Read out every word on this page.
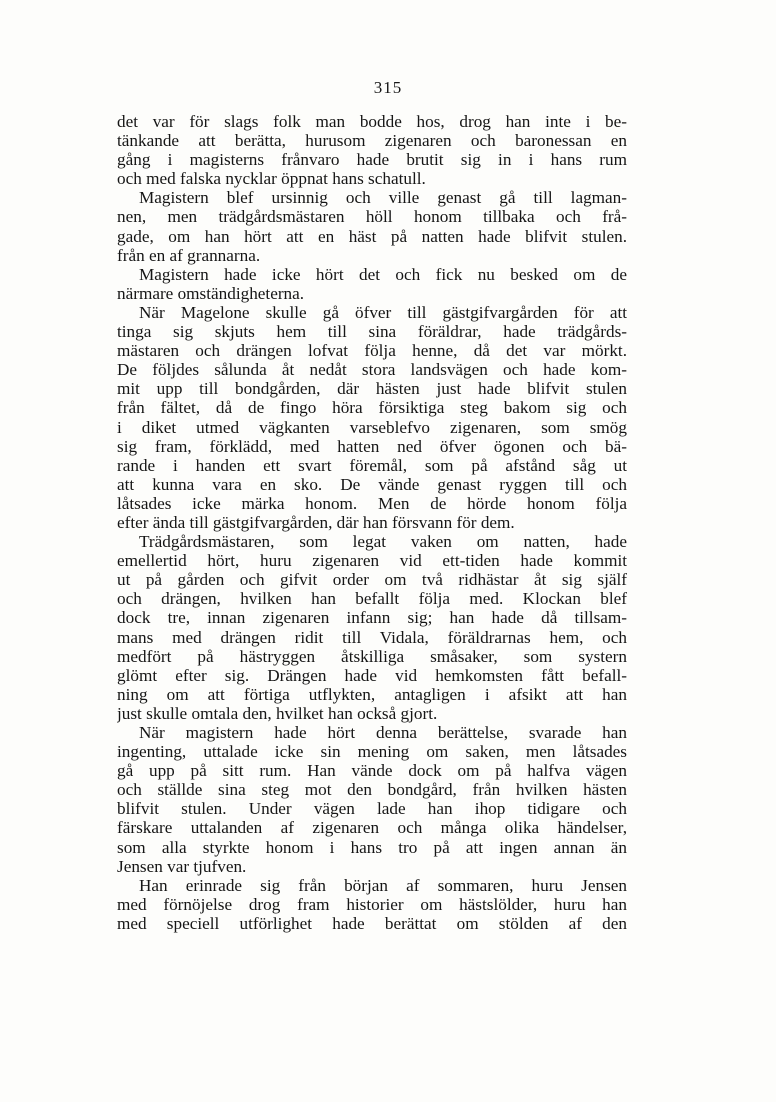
315
det var för slags folk man bodde hos, drog han inte i be-
tänkande att berätta, hurusom zigenaren och baronessan en
gång i magisterns frånvaro hade brutit sig in i hans rum
och med falska nycklar öppnat hans schatull.
Magistern blef ursinnig och ville genast gå till lagman-
nen, men trädgårdsmästaren höll honom tillbaka och frå-
gade, om han hört att en häst på natten hade blifvit stulen.
från en af grannarna.
Magistern hade icke hört det och fick nu besked om de
närmare omständigheterna.
När Magelone skulle gå öfver till gästgifvargården för att
tinga sig skjuts hem till sina föräldrar, hade trädgårds-
mästaren och drängen lofvat följa henne, då det var mörkt.
De följdes sålunda åt nedåt stora landsvägen och hade kom-
mit upp till bondgården, där hästen just hade blifvit stulen
från fältet, då de fingo höra försiktiga steg bakom sig och
i diket utmed vägkanten varseblefvo zigenaren, som smög
sig fram, förklädd, med hatten ned öfver ögonen och bä-
rande i handen ett svart föremål, som på afstånd såg ut
att kunna vara en sko. De vände genast ryggen till och
låtsades icke märka honom. Men de hörde honom följa
efter ända till gästgifvargården, där han försvann för dem.
Trädgårdsmästaren, som legat vaken om natten, hade
emellertid hört, huru zigenaren vid ett-tiden hade kommit
ut på gården och gifvit order om två ridhästar åt sig själf
och drängen, hvilken han befallt följa med. Klockan blef
dock tre, innan zigenaren infann sig; han hade då tillsam-
mans med drängen ridit till Vidala, föräldrarnas hem, och
medfört på hästryggen åtskilliga småsaker, som systern
glömt efter sig. Drängen hade vid hemkomsten fått befall-
ning om att förtiga utflykten, antagligen i afsikt att han
just skulle omtala den, hvilket han också gjort.
När magistern hade hört denna berättelse, svarade han
ingenting, uttalade icke sin mening om saken, men låtsades
gå upp på sitt rum. Han vände dock om på halfva vägen
och ställde sina steg mot den bondgård, från hvilken hästen
blifvit stulen. Under vägen lade han ihop tidigare och
färskare uttalanden af zigenaren och många olika händelser,
som alla styrkte honom i hans tro på att ingen annan än
Jensen var tjufven.
Han erinrade sig från början af sommaren, huru Jensen
med förnöjelse drog fram historier om hästslölder, huru han
med speciell utförlighet hade berättat om stölden af den
